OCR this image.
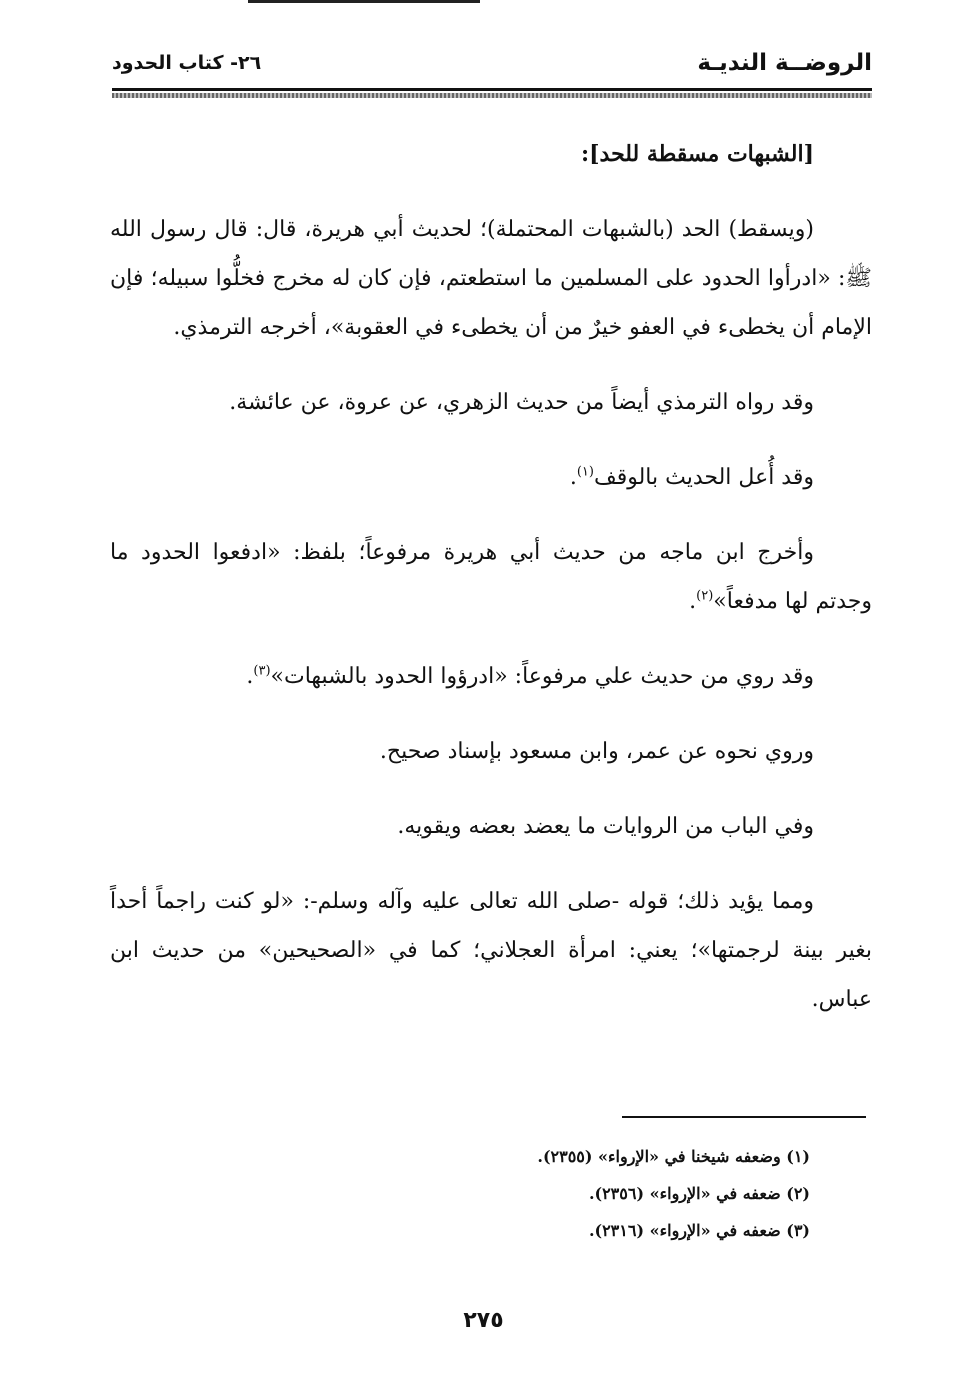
الروضــة النديـة
٢٦- كتاب الحدود

[الشبهات مسقطة للحد]:

(ويسقط) الحد (بالشبهات المحتملة)؛ لحديث أبي هريرة، قال: قال رسول الله ﷺ: «ادرأوا الحدود على المسلمين ما استطعتم، فإن كان له مخرج فخلُّوا سبيله؛ فإن الإمام أن يخطىء في العفو خيرٌ من أن يخطىء في العقوبة»، أخرجه الترمذي.

وقد رواه الترمذي أيضاً من حديث الزهري، عن عروة، عن عائشة.

وقد أُعل الحديث بالوقف$^{(١)}$.

وأخرج ابن ماجه من حديث أبي هريرة مرفوعاً؛ بلفظ: «ادفعوا الحدود ما وجدتم لها مدفعاً»$^{(٢)}$.

وقد روي من حديث علي مرفوعاً: «ادرؤوا الحدود بالشبهات»$^{(٣)}$.

وروي نحوه عن عمر، وابن مسعود بإسناد صحيح.

وفي الباب من الروايات ما يعضد بعضه ويقويه.

ومما يؤيد ذلك؛ قوله -صلى الله تعالى عليه وآله وسلم-: «لو كنت راجماً أحداً بغير بينة لرجمتها»؛ يعني: امرأة العجلاني؛ كما في «الصحيحين» من حديث ابن عباس.

(١) وضعفه شيخنا في «الإرواء» (٢٣٥٥).
(٢) ضعفه في «الإرواء» (٢٣٥٦).
(٣) ضعفه في «الإرواء» (٢٣١٦).
٢٧٥
